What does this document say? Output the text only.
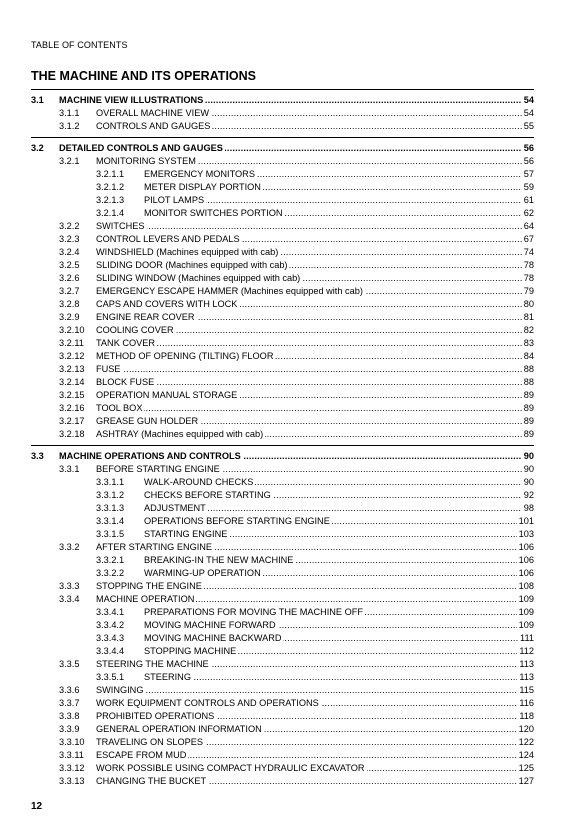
TABLE OF CONTENTS
THE MACHINE AND ITS OPERATIONS
3.1 ..... MACHINE VIEW ILLUSTRATIONS	54
3.1.1 ..... OVERALL MACHINE VIEW	54
3.1.2 ..... CONTROLS AND GAUGES	55
3.2 ..... DETAILED CONTROLS AND GAUGES	56
3.2.1 ..... MONITORING SYSTEM	56
3.2.1.1 ..... EMERGENCY MONITORS	57
3.2.1.2 ..... METER DISPLAY PORTION	59
3.2.1.3 ..... PILOT LAMPS	61
3.2.1.4 ..... MONITOR SWITCHES PORTION	62
3.2.2 ..... SWITCHES	64
3.2.3 ..... CONTROL LEVERS AND PEDALS	67
3.2.4 ..... WINDSHIELD (Machines equipped with cab)	74
3.2.5 ..... SLIDING DOOR (Machines equipped with cab)	78
3.2.6 ..... SLIDING WINDOW (Machines equipped with cab)	78
3.2.7 ..... EMERGENCY ESCAPE HAMMER (Machines equipped with cab)	79
3.2.8 ..... CAPS AND COVERS WITH LOCK	80
3.2.9 ..... ENGINE REAR COVER	81
3.2.10 ..... COOLING COVER	82
3.2.11 ..... TANK COVER	83
3.2.12 ..... METHOD OF OPENING (TILTING) FLOOR	84
3.2.13 ..... FUSE	88
3.2.14 ..... BLOCK FUSE	88
3.2.15 ..... OPERATION MANUAL STORAGE	89
3.2.16 ..... TOOL BOX	89
3.2.17 ..... GREASE GUN HOLDER	89
3.2.18 ..... ASHTRAY (Machines equipped with cab)	89
3.3 ..... MACHINE OPERATIONS AND CONTROLS	90
3.3.1 ..... BEFORE STARTING ENGINE	90
3.3.1.1 ..... WALK-AROUND CHECKS	90
3.3.1.2 ..... CHECKS BEFORE STARTING	92
3.3.1.3 ..... ADJUSTMENT	98
3.3.1.4 ..... OPERATIONS BEFORE STARTING ENGINE	101
3.3.1.5 ..... STARTING ENGINE	103
3.3.2 ..... AFTER STARTING ENGINE	106
3.3.2.1 ..... BREAKING-IN THE NEW MACHINE	106
3.3.2.2 ..... WARMING-UP OPERATION	106
3.3.3 ..... STOPPING THE ENGINE	108
3.3.4 ..... MACHINE OPERATION	109
3.3.4.1 ..... PREPARATIONS FOR MOVING THE MACHINE OFF	109
3.3.4.2 ..... MOVING MACHINE FORWARD	109
3.3.4.3 ..... MOVING MACHINE BACKWARD	111
3.3.4.4 ..... STOPPING MACHINE	112
3.3.5 ..... STEERING THE MACHINE	113
3.3.5.1 ..... STEERING	113
3.3.6 ..... SWINGING	115
3.3.7 ..... WORK EQUIPMENT CONTROLS AND OPERATIONS	116
3.3.8 ..... PROHIBITED OPERATIONS	118
3.3.9 ..... GENERAL OPERATION INFORMATION	120
3.3.10 ..... TRAVELING ON SLOPES	122
3.3.11 ..... ESCAPE FROM MUD	124
3.3.12 ..... WORK POSSIBLE USING COMPACT HYDRAULIC EXCAVATOR	125
3.3.13 ..... CHANGING THE BUCKET	127
12
